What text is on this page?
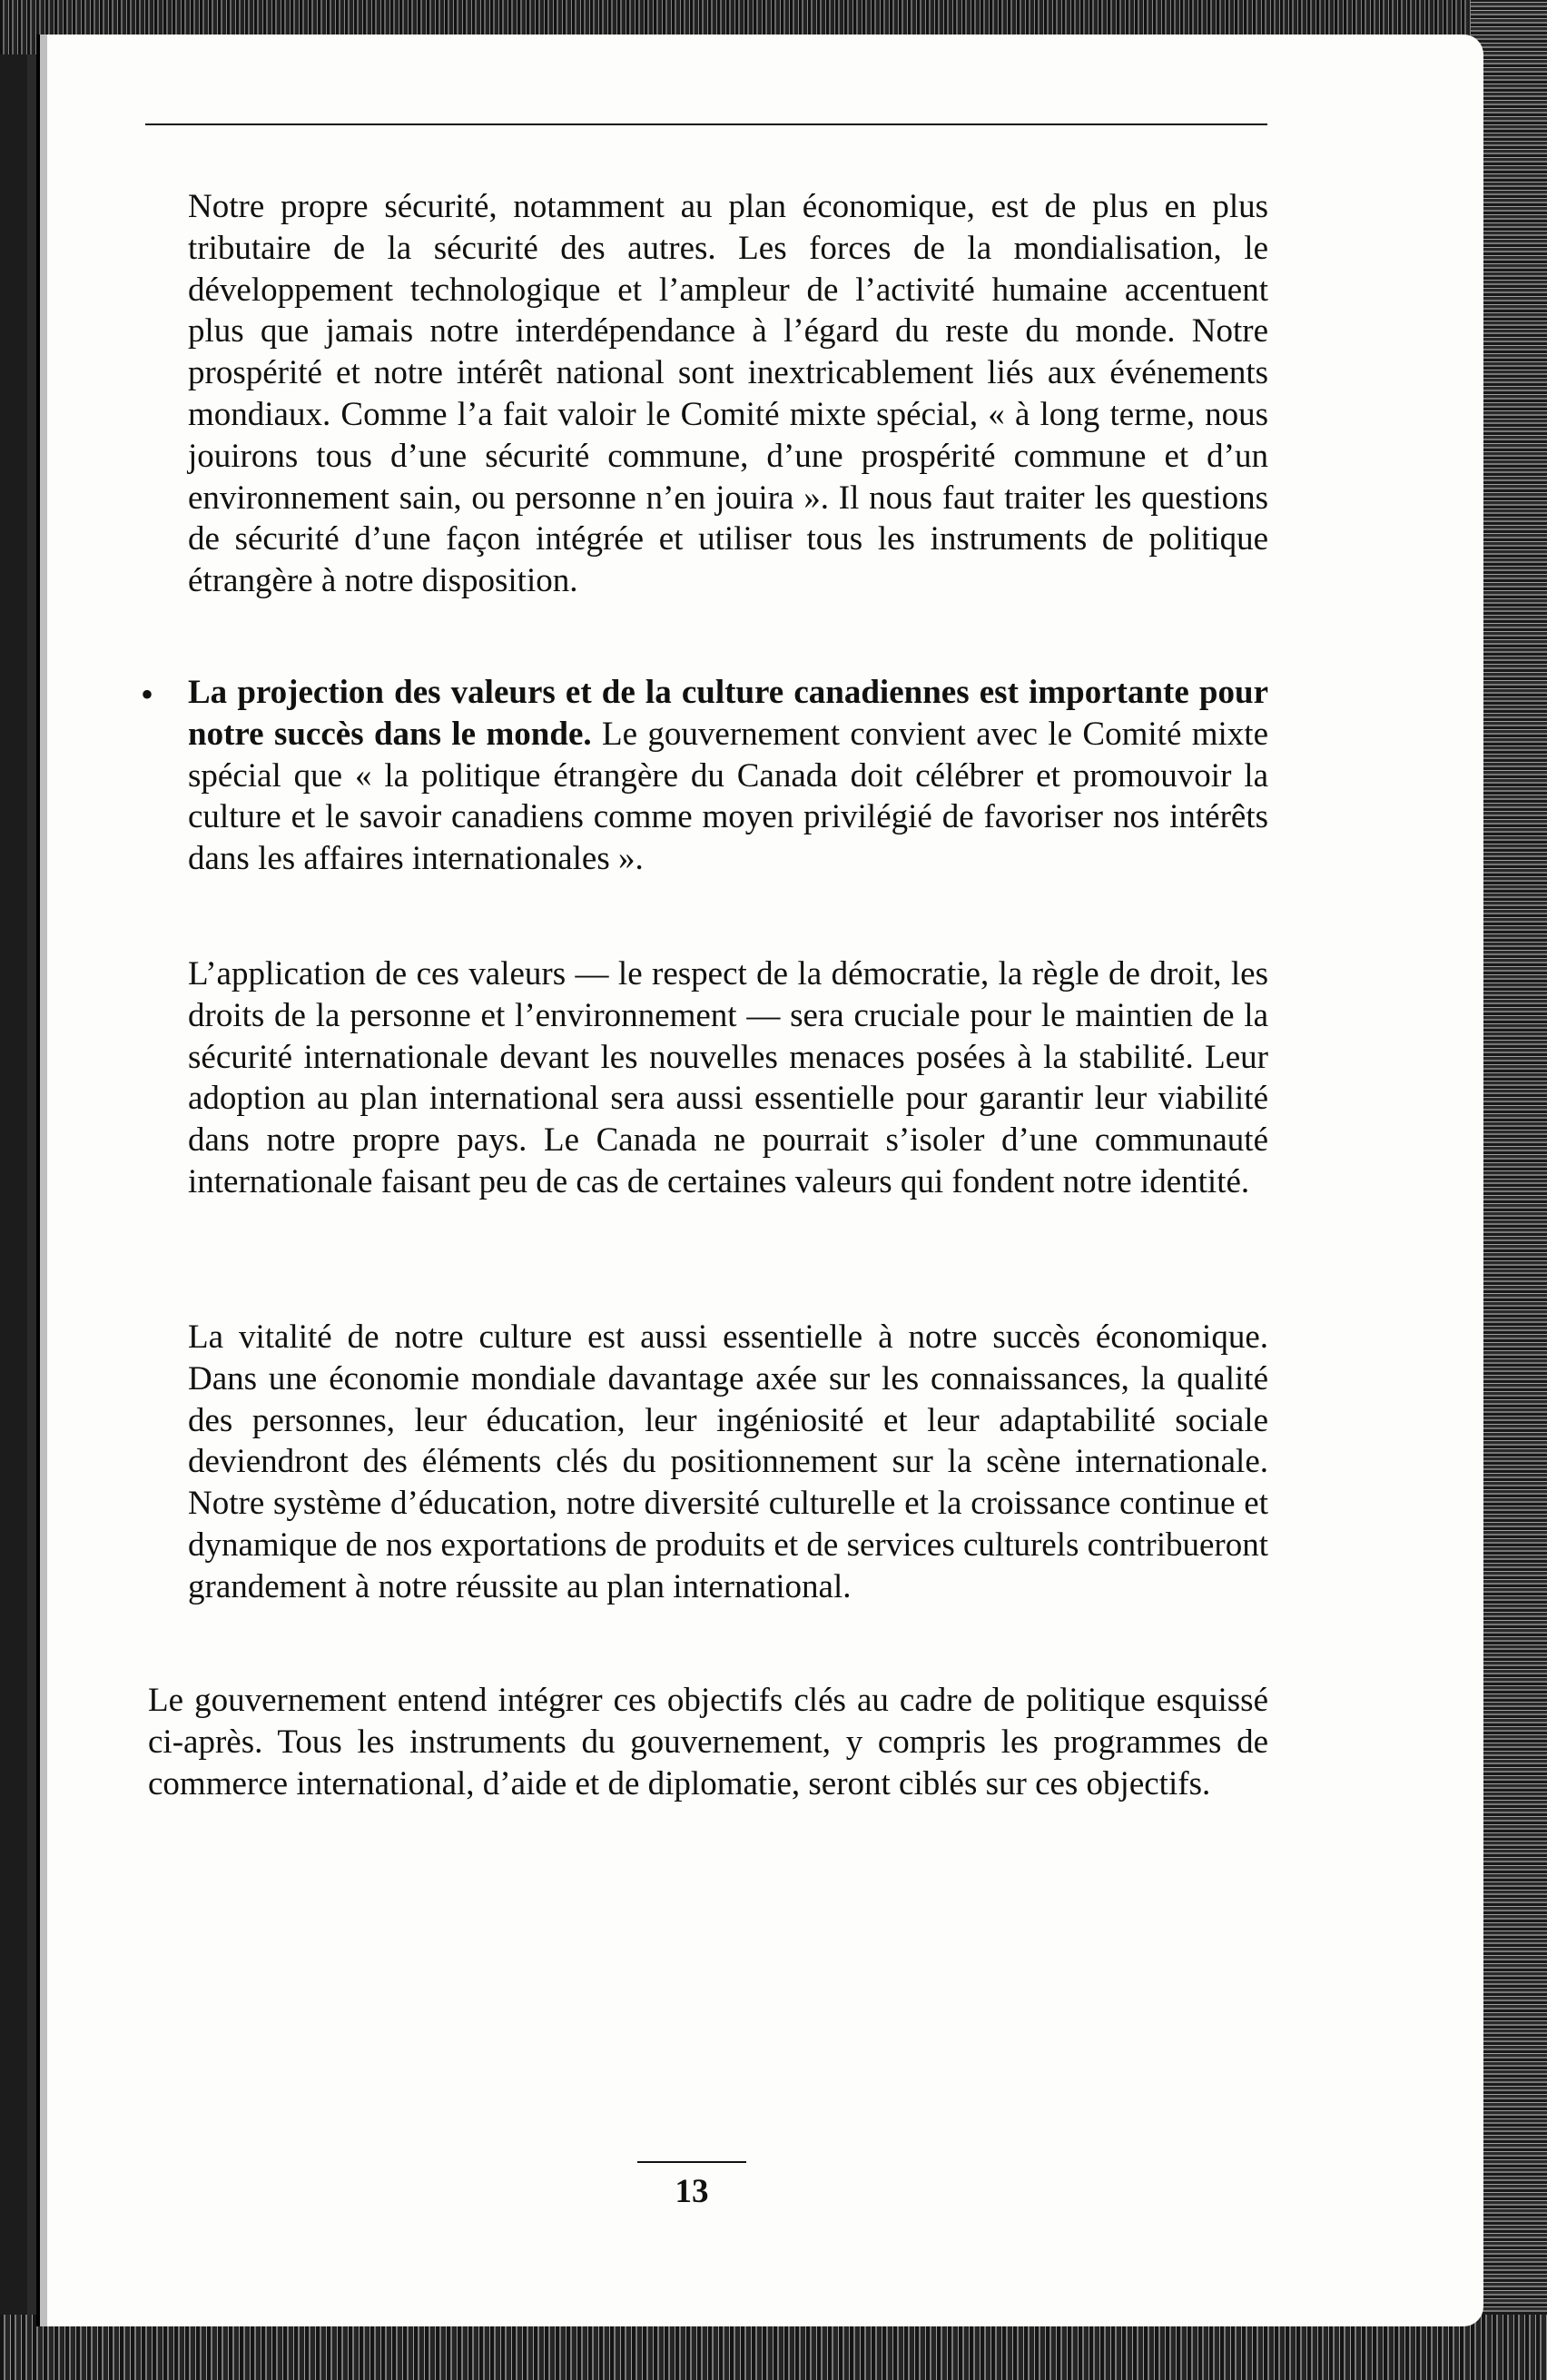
Notre propre sécurité, notamment au plan économique, est de plus en plus tributaire de la sécurité des autres. Les forces de la mondialisation, le développement technologique et l’ampleur de l’activité humaine accentuent plus que jamais notre interdépendance à l’égard du reste du monde. Notre prospérité et notre intérêt national sont inextricablement liés aux événements mondiaux. Comme l’a fait valoir le Comité mixte spécial, « à long terme, nous jouirons tous d’une sécurité commune, d’une prospérité commune et d’un environnement sain, ou personne n’en jouira ». Il nous faut traiter les questions de sécurité d’une façon intégrée et utiliser tous les instruments de politique étrangère à notre disposition.
• La projection des valeurs et de la culture canadiennes est importante pour notre succès dans le monde. Le gouvernement convient avec le Comité mixte spécial que « la politique étrangère du Canada doit célébrer et promouvoir la culture et le savoir canadiens comme moyen privilégié de favoriser nos intérêts dans les affaires internationales ».
L’application de ces valeurs — le respect de la démocratie, la règle de droit, les droits de la personne et l’environnement — sera cruciale pour le maintien de la sécurité internationale devant les nouvelles menaces posées à la stabilité. Leur adoption au plan international sera aussi essentielle pour garantir leur viabilité dans notre propre pays. Le Canada ne pourrait s’isoler d’une communauté internationale faisant peu de cas de certaines valeurs qui fondent notre identité.
La vitalité de notre culture est aussi essentielle à notre succès économique. Dans une économie mondiale davantage axée sur les connaissances, la qualité des personnes, leur éducation, leur ingéniosité et leur adaptabilité sociale deviendront des éléments clés du positionnement sur la scène internationale. Notre système d’éducation, notre diversité culturelle et la croissance continue et dynamique de nos exportations de produits et de services culturels contribueront grandement à notre réussite au plan international.
Le gouvernement entend intégrer ces objectifs clés au cadre de politique esquissé ci-après. Tous les instruments du gouvernement, y compris les programmes de commerce international, d’aide et de diplomatie, seront ciblés sur ces objectifs.
13
